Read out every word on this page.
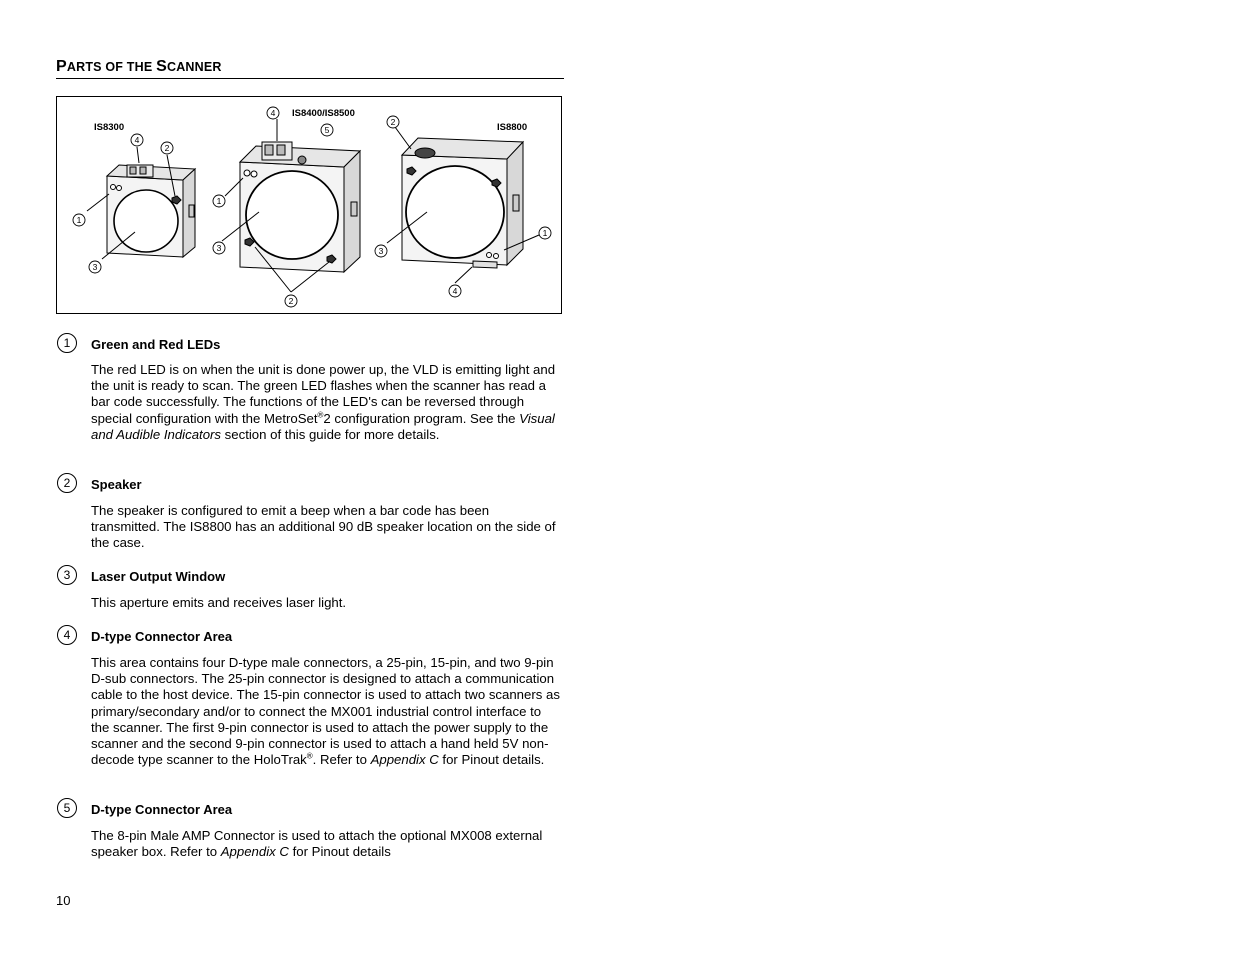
PARTS OF THE SCANNER
IS8300
IS8400/IS8500
IS8800
4
2
1
3
4
5
1
3
2
2
3
1
4
1	Green and Red LEDs
The red LED is on when the unit is done power up, the VLD is emitting light and the unit is ready to scan. The green LED flashes when the scanner has read a bar code successfully. The functions of the LED's can be reversed through special configuration with the MetroSet®2 configuration program. See the Visual and Audible Indicators section of this guide for more details.
2	Speaker
The speaker is configured to emit a beep when a bar code has been transmitted. The IS8800 has an additional 90 dB speaker location on the side of the case.
3	Laser Output Window
This aperture emits and receives laser light.
4	D-type Connector Area
This area contains four D-type male connectors, a 25-pin, 15-pin, and two 9-pin D-sub connectors. The 25-pin connector is designed to attach a communication cable to the host device. The 15-pin connector is used to attach two scanners as primary/secondary and/or to connect the MX001 industrial control interface to the scanner. The first 9-pin connector is used to attach the power supply to the scanner and the second 9-pin connector is used to attach a hand held 5V non-decode type scanner to the HoloTrak®. Refer to Appendix C for Pinout details.
5	D-type Connector Area
The 8-pin Male AMP Connector is used to attach the optional MX008 external speaker box. Refer to Appendix C for Pinout details
10
